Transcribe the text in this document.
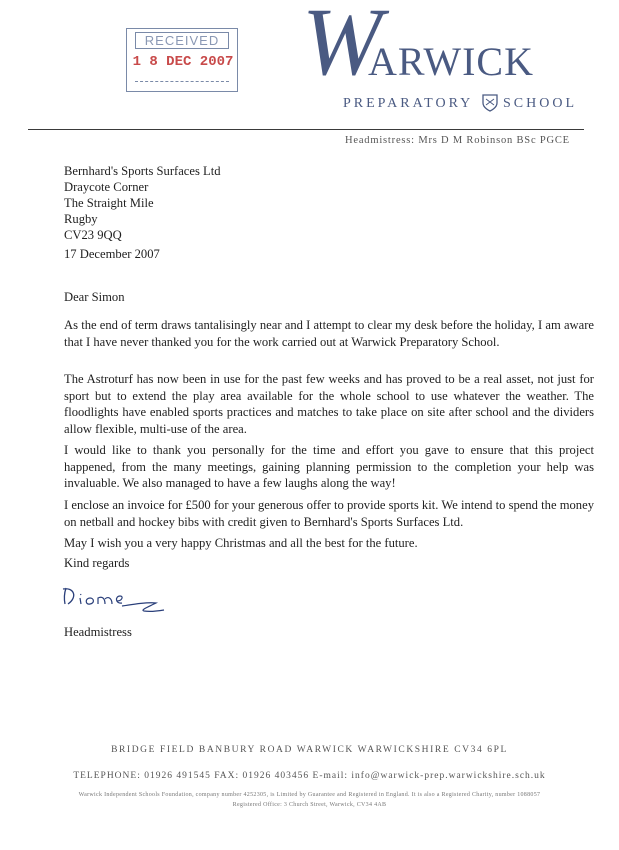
RECEIVED
1 8 DEC 2007 W
ARWICK
PREPARATORY SCHOOL
Headmistress: Mrs D M Robinson BSc PGCE
Bernhard's Sports Surfaces Ltd
Draycote Corner
The Straight Mile
Rugby
CV23 9QQ
17 December 2007
Dear Simon
As the end of term draws tantalisingly near and I attempt to clear my desk before the holiday, I am aware that I have never thanked you for the work carried out at Warwick Preparatory School.
The Astroturf has now been in use for the past few weeks and has proved to be a real asset, not just for sport but to extend the play area available for the whole school to use whatever the weather. The floodlights have enabled sports practices and matches to take place on site after school and the dividers allow flexible, multi-use of the area.
I would like to thank you personally for the time and effort you gave to ensure that this project happened, from the many meetings, gaining planning permission to the completion your help was invaluable. We also managed to have a few laughs along the way!
I enclose an invoice for £500 for your generous offer to provide sports kit. We intend to spend the money on netball and hockey bibs with credit given to Bernhard's Sports Surfaces Ltd.
May I wish you a very happy Christmas and all the best for the future.
Kind regards
Headmistress
BRIDGE FIELD BANBURY ROAD WARWICK WARWICKSHIRE CV34 6PL
TELEPHONE: 01926 491545 FAX: 01926 403456 E-mail: info@warwick-prep.warwickshire.sch.uk
Warwick Independent Schools Foundation, company number 4252305, is Limited by Guarantee and Registered in England. It is also a Registered Charity, number 1088057
Registered Office: 3 Church Street, Warwick, CV34 4AB
